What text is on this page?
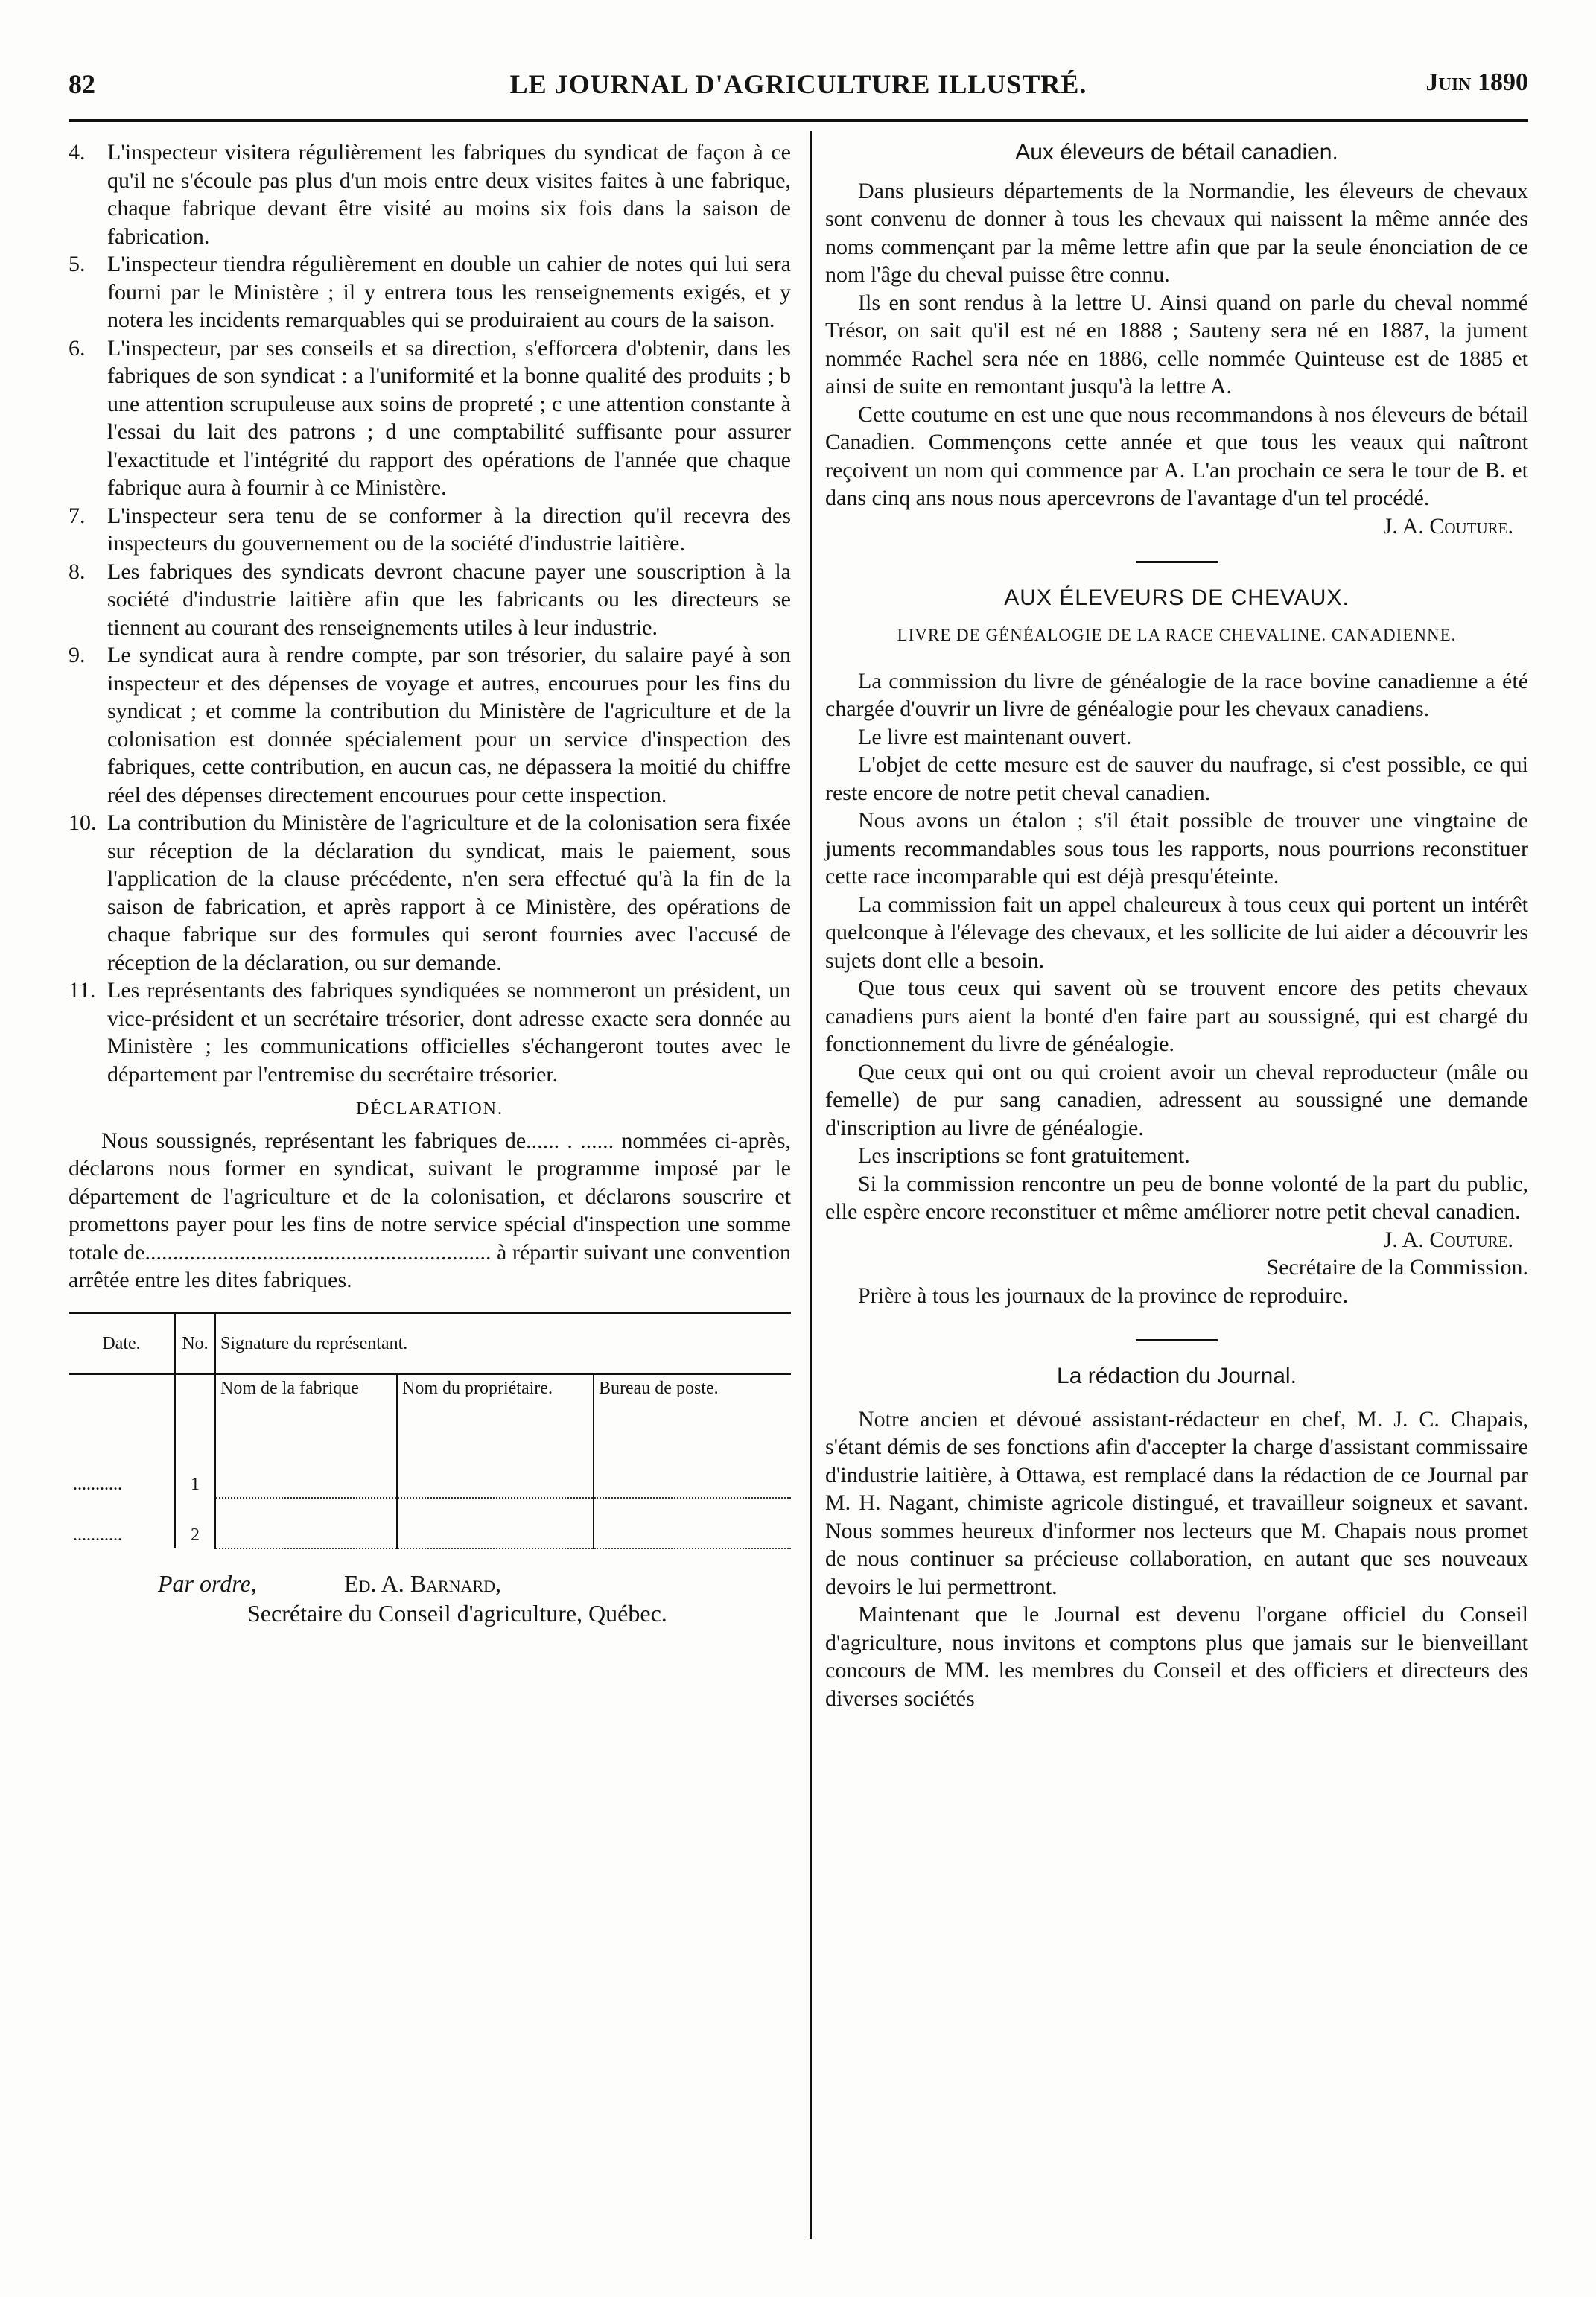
82	LE JOURNAL D'AGRICULTURE ILLUSTRÉ.	Juin 1890
4. L'inspecteur visitera régulièrement les fabriques du syndicat de façon à ce qu'il ne s'écoule pas plus d'un mois entre deux visites faites à une fabrique, chaque fabrique devant être visité au moins six fois dans la saison de fabrication.
5. L'inspecteur tiendra régulièrement en double un cahier de notes qui lui sera fourni par le Ministère ; il y entrera tous les renseignements exigés, et y notera les incidents remarquables qui se produiraient au cours de la saison.
6. L'inspecteur, par ses conseils et sa direction, s'efforcera d'obtenir, dans les fabriques de son syndicat : a l'uniformité et la bonne qualité des produits ; b une attention scrupuleuse aux soins de propreté ; c une attention constante à l'essai du lait des patrons ; d une comptabilité suffisante pour assurer l'exactitude et l'intégrité du rapport des opérations de l'année que chaque fabrique aura à fournir à ce Ministère.
7. L'inspecteur sera tenu de se conformer à la direction qu'il recevra des inspecteurs du gouvernement ou de la société d'industrie laitière.
8. Les fabriques des syndicats devront chacune payer une souscription à la société d'industrie laitière afin que les fabricants ou les directeurs se tiennent au courant des renseignements utiles à leur industrie.
9. Le syndicat aura à rendre compte, par son trésorier, du salaire payé à son inspecteur et des dépenses de voyage et autres, encourues pour les fins du syndicat ; et comme la contribution du Ministère de l'agriculture et de la colonisation est donnée spécialement pour un service d'inspection des fabriques, cette contribution, en aucun cas, ne dépassera la moitié du chiffre réel des dépenses directement encourues pour cette inspection.
10. La contribution du Ministère de l'agriculture et de la colonisation sera fixée sur réception de la déclaration du syndicat, mais le paiement, sous l'application de la clause précédente, n'en sera effectué qu'à la fin de la saison de fabrication, et après rapport à ce Ministère, des opérations de chaque fabrique sur des formules qui seront fournies avec l'accusé de réception de la déclaration, ou sur demande.
11. Les représentants des fabriques syndiquées se nommeront un président, un vice-président et un secrétaire trésorier, dont adresse exacte sera donnée au Ministère ; les communications officielles s'échangeront toutes avec le département par l'entremise du secrétaire trésorier.
DÉCLARATION.

Nous soussignés, représentant les fabriques de...... . ...... nommées ci-après, déclarons nous former en syndicat, suivant le programme imposé par le département de l'agriculture et de la colonisation, et déclarons souscrire et promettons payer pour les fins de notre service spécial d'inspection une somme totale de.............................................................. à répartir suivant une convention arrêtée entre les dites fabriques.

Date.	No.	Signature du représentant.		
		Nom de la fabrique	Nom du propriétaire.	Bureau de poste.
...........	1			
...........	2			
Par ordre,	Ed. A. Barnard,
Secrétaire du Conseil d'agriculture, Québec.
Aux éleveurs de bétail canadien.

Dans plusieurs départements de la Normandie, les éleveurs de chevaux sont convenu de donner à tous les chevaux qui naissent la même année des noms commençant par la même lettre afin que par la seule énonciation de ce nom l'âge du cheval puisse être connu.

Ils en sont rendus à la lettre U. Ainsi quand on parle du cheval nommé Trésor, on sait qu'il est né en 1888 ; Sauteny sera né en 1887, la jument nommée Rachel sera née en 1886, celle nommée Quinteuse est de 1885 et ainsi de suite en remontant jusqu'à la lettre A.

Cette coutume en est une que nous recommandons à nos éleveurs de bétail Canadien. Commençons cette année et que tous les veaux qui naîtront reçoivent un nom qui commence par A. L'an prochain ce sera le tour de B. et dans cinq ans nous nous apercevrons de l'avantage d'un tel procédé.

J. A. Couture.

AUX ÉLEVEURS DE CHEVAUX.
LIVRE DE GÉNÉALOGIE DE LA RACE CHEVALINE. CANADIENNE.

La commission du livre de généalogie de la race bovine canadienne a été chargée d'ouvrir un livre de généalogie pour les chevaux canadiens.

Le livre est maintenant ouvert.

L'objet de cette mesure est de sauver du naufrage, si c'est possible, ce qui reste encore de notre petit cheval canadien.

Nous avons un étalon ; s'il était possible de trouver une vingtaine de juments recommandables sous tous les rapports, nous pourrions reconstituer cette race incomparable qui est déjà presqu'éteinte.

La commission fait un appel chaleureux à tous ceux qui portent un intérêt quelconque à l'élevage des chevaux, et les sollicite de lui aider a découvrir les sujets dont elle a besoin.

Que tous ceux qui savent où se trouvent encore des petits chevaux canadiens purs aient la bonté d'en faire part au soussigné, qui est chargé du fonctionnement du livre de généalogie.

Que ceux qui ont ou qui croient avoir un cheval reproducteur (mâle ou femelle) de pur sang canadien, adressent au soussigné une demande d'inscription au livre de généalogie.

Les inscriptions se font gratuitement.

Si la commission rencontre un peu de bonne volonté de la part du public, elle espère encore reconstituer et même améliorer notre petit cheval canadien.

J. A. Couture.

Secrétaire de la Commission.

Prière à tous les journaux de la province de reproduire.

La rédaction du Journal.

Notre ancien et dévoué assistant-rédacteur en chef, M. J. C. Chapais, s'étant démis de ses fonctions afin d'accepter la charge d'assistant commissaire d'industrie laitière, à Ottawa, est remplacé dans la rédaction de ce Journal par M. H. Nagant, chimiste agricole distingué, et travailleur soigneux et savant. Nous sommes heureux d'informer nos lecteurs que M. Chapais nous promet de nous continuer sa précieuse collaboration, en autant que ses nouveaux devoirs le lui permettront.

Maintenant que le Journal est devenu l'organe officiel du Conseil d'agriculture, nous invitons et comptons plus que jamais sur le bienveillant concours de MM. les membres du Conseil et des officiers et directeurs des diverses sociétés
